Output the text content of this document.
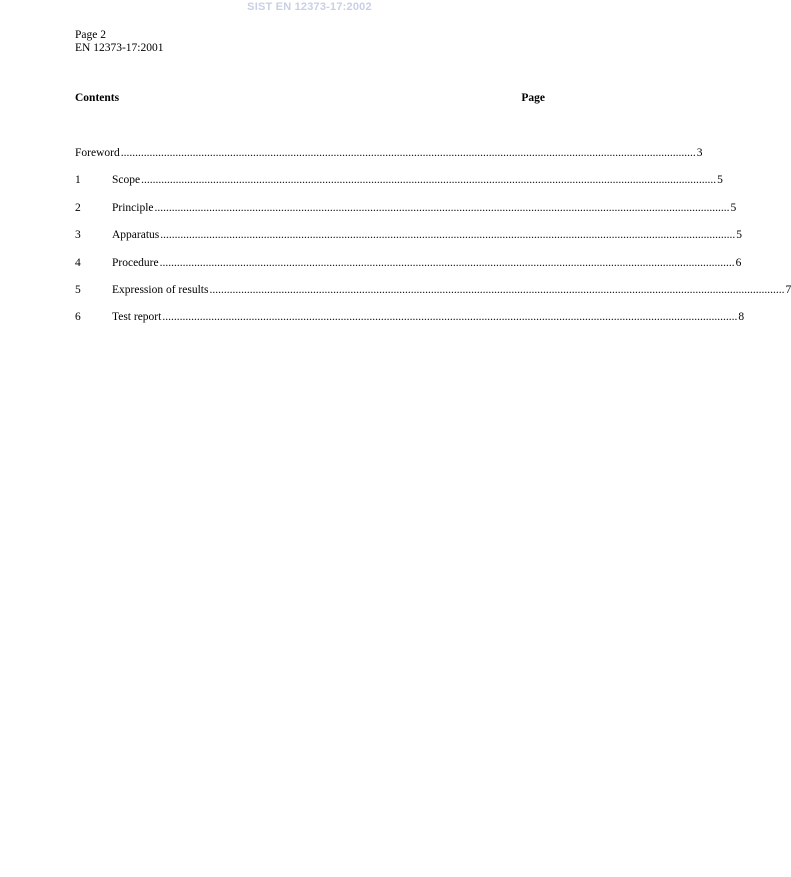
SIST EN 12373-17:2002
Page 2
EN 12373-17:2001
Contents	Page
Foreword ........................................................................................................................................................................................................ 3
1	Scope ........................................................................................................................................................................................................ 5
2	Principle ........................................................................................................................................................................................................ 5
3	Apparatus ........................................................................................................................................................................................................ 5
4	Procedure ........................................................................................................................................................................................................ 6
5	Expression of results ........................................................................................................................................................................................................ 7
6	Test report ........................................................................................................................................................................................................ 8
